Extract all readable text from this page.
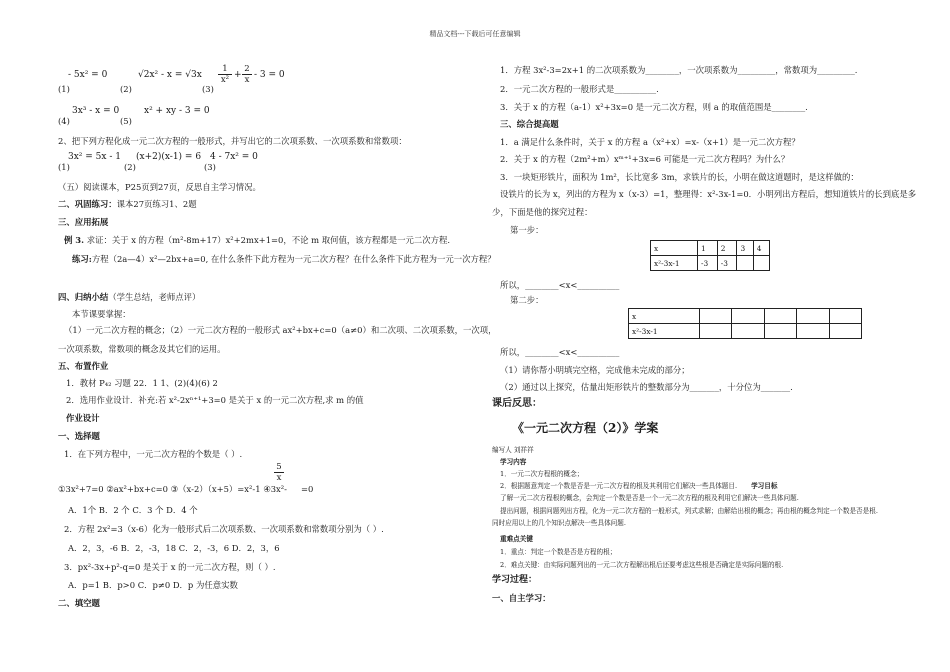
精品文档---下载后可任意编辑
- 5x² = 0	$√2x^2 - x = √3x \frac{1}{\text{x²}} + \frac{2}{x} - 3 = 0$
(1)	(2)	(3)
3x³ - x = 0	x² + xy - 3 = 0
(4)	(5)
2、把下列方程化成一元二次方程的一般形式，并写出它的二次项系数、一次项系数和常数项：
3x² = 5x - 1 (x+2)(x-1) = 6 4 - 7x² = 0
(1)	(2)	(3)
（五）阅读课本，P25页到27页，反思自主学习情况。
二、巩固练习：课本27页练习1、2题
三、应用拓展
例 3. 求证：关于 x 的方程（m²-8m+17）x²+2mx+1=0，不论 m 取何值，该方程都是一元二次方程.
练习:方程（2a—4）x²—2bx+a=0, 在什么条件下此方程为一元二次方程？在什么条件下此方程为一元一次方程？
四、归纳小结（学生总结，老师点评）
本节课要掌握：
（1）一元二次方程的概念；（2）一元二次方程的一般形式 ax²+bx+c=0（a≠0）和二次项、二次项系数，一次项，
一次项系数，常数项的概念及其它们的运用。
五、布置作业
1．教材 P₄₂ 习题 22．1 1、(2)(4)(6) 2
2．选用作业设计．补充:若 x²-2xⁿ⁺¹+3=0 是关于 x 的一元二次方程,求 m 的值
作业设计
一、选择题
1．在下列方程中，一元二次方程的个数是（ ）.
$\frac{5}{x}$
①3x²+7=0 ②ax²+bx+c=0 ③（x-2）（x+5）=x²-1 ④3x²- =0
A．1个 B．2 个 C．3 个 D．4 个
2．方程 2x²=3（x-6）化为一般形式后二次项系数、一次项系数和常数项分别为（ ）.
A．2，3，-6 B．2，-3，18 C．2，-3，6 D．2，3，6
3．px²-3x+p²-q=0 是关于 x 的一元二次方程，则（ ）.
A．p=1 B．p>0 C．p≠0 D．p 为任意实数
二、填空题
1．方程 3x²-3=2x+1 的二次项系数为________，一次项系数为_________，常数项为_________.
2．一元二次方程的一般形式是__________.
3．关于 x 的方程（a-1）x²+3x=0 是一元二次方程，则 a 的取值范围是________.
三、综合提高题
1．a 满足什么条件时，关于 x 的方程 a（x²+x）=x-（x+1）是一元二次方程？
2．关于 x 的方程（2m²+m）xᵐ⁺¹+3x=6 可能是一元二次方程吗？为什么？
3．一块矩形铁片，面积为 1m²，长比宽多 3m，求铁片的长，小明在做这道题时，是这样做的：
设铁片的长为 x，列出的方程为 x（x-3）=1，整理得：x²-3x-1=0．小明列出方程后，想知道铁片的长到底是多
少，下面是他的探究过程：
第一步：
x	1	2	3	4
x²-3x-1	-3	-3		
所以，________<x<__________
第二步：
x					
x²-3x-1					
所以，________<x<__________
（1）请你帮小明填完空格，完成他未完成的部分；
（2）通过以上探究，估量出矩形铁片的整数部分为_______，十分位为_______.
课后反思：
《一元二次方程（2）》学案
编写人 刘祥祥
学习内容
1．一元二次方程根的概念；
2．根据题意判定一个数是否是一元二次方程的根及其利用它们解决一些具体题目. 学习目标
了解一元二次方程根的概念，会判定一个数是否是一个一元二次方程的根及利用它们解决一些具体问题.
提出问题，根据问题列出方程，化为一元二次方程的一般形式，列式求解；由解给出根的概念；再由根的概念判定一个数是否是根.
同时应用以上的几个知识点解决一些具体问题.
重难点关键
1．重点：判定一个数是否是方程的根；
2．难点关键：由实际问题列出的一元二次方程解出根后还要考虑这些根是否确定是实际问题的根.
学习过程：
一、自主学习：
